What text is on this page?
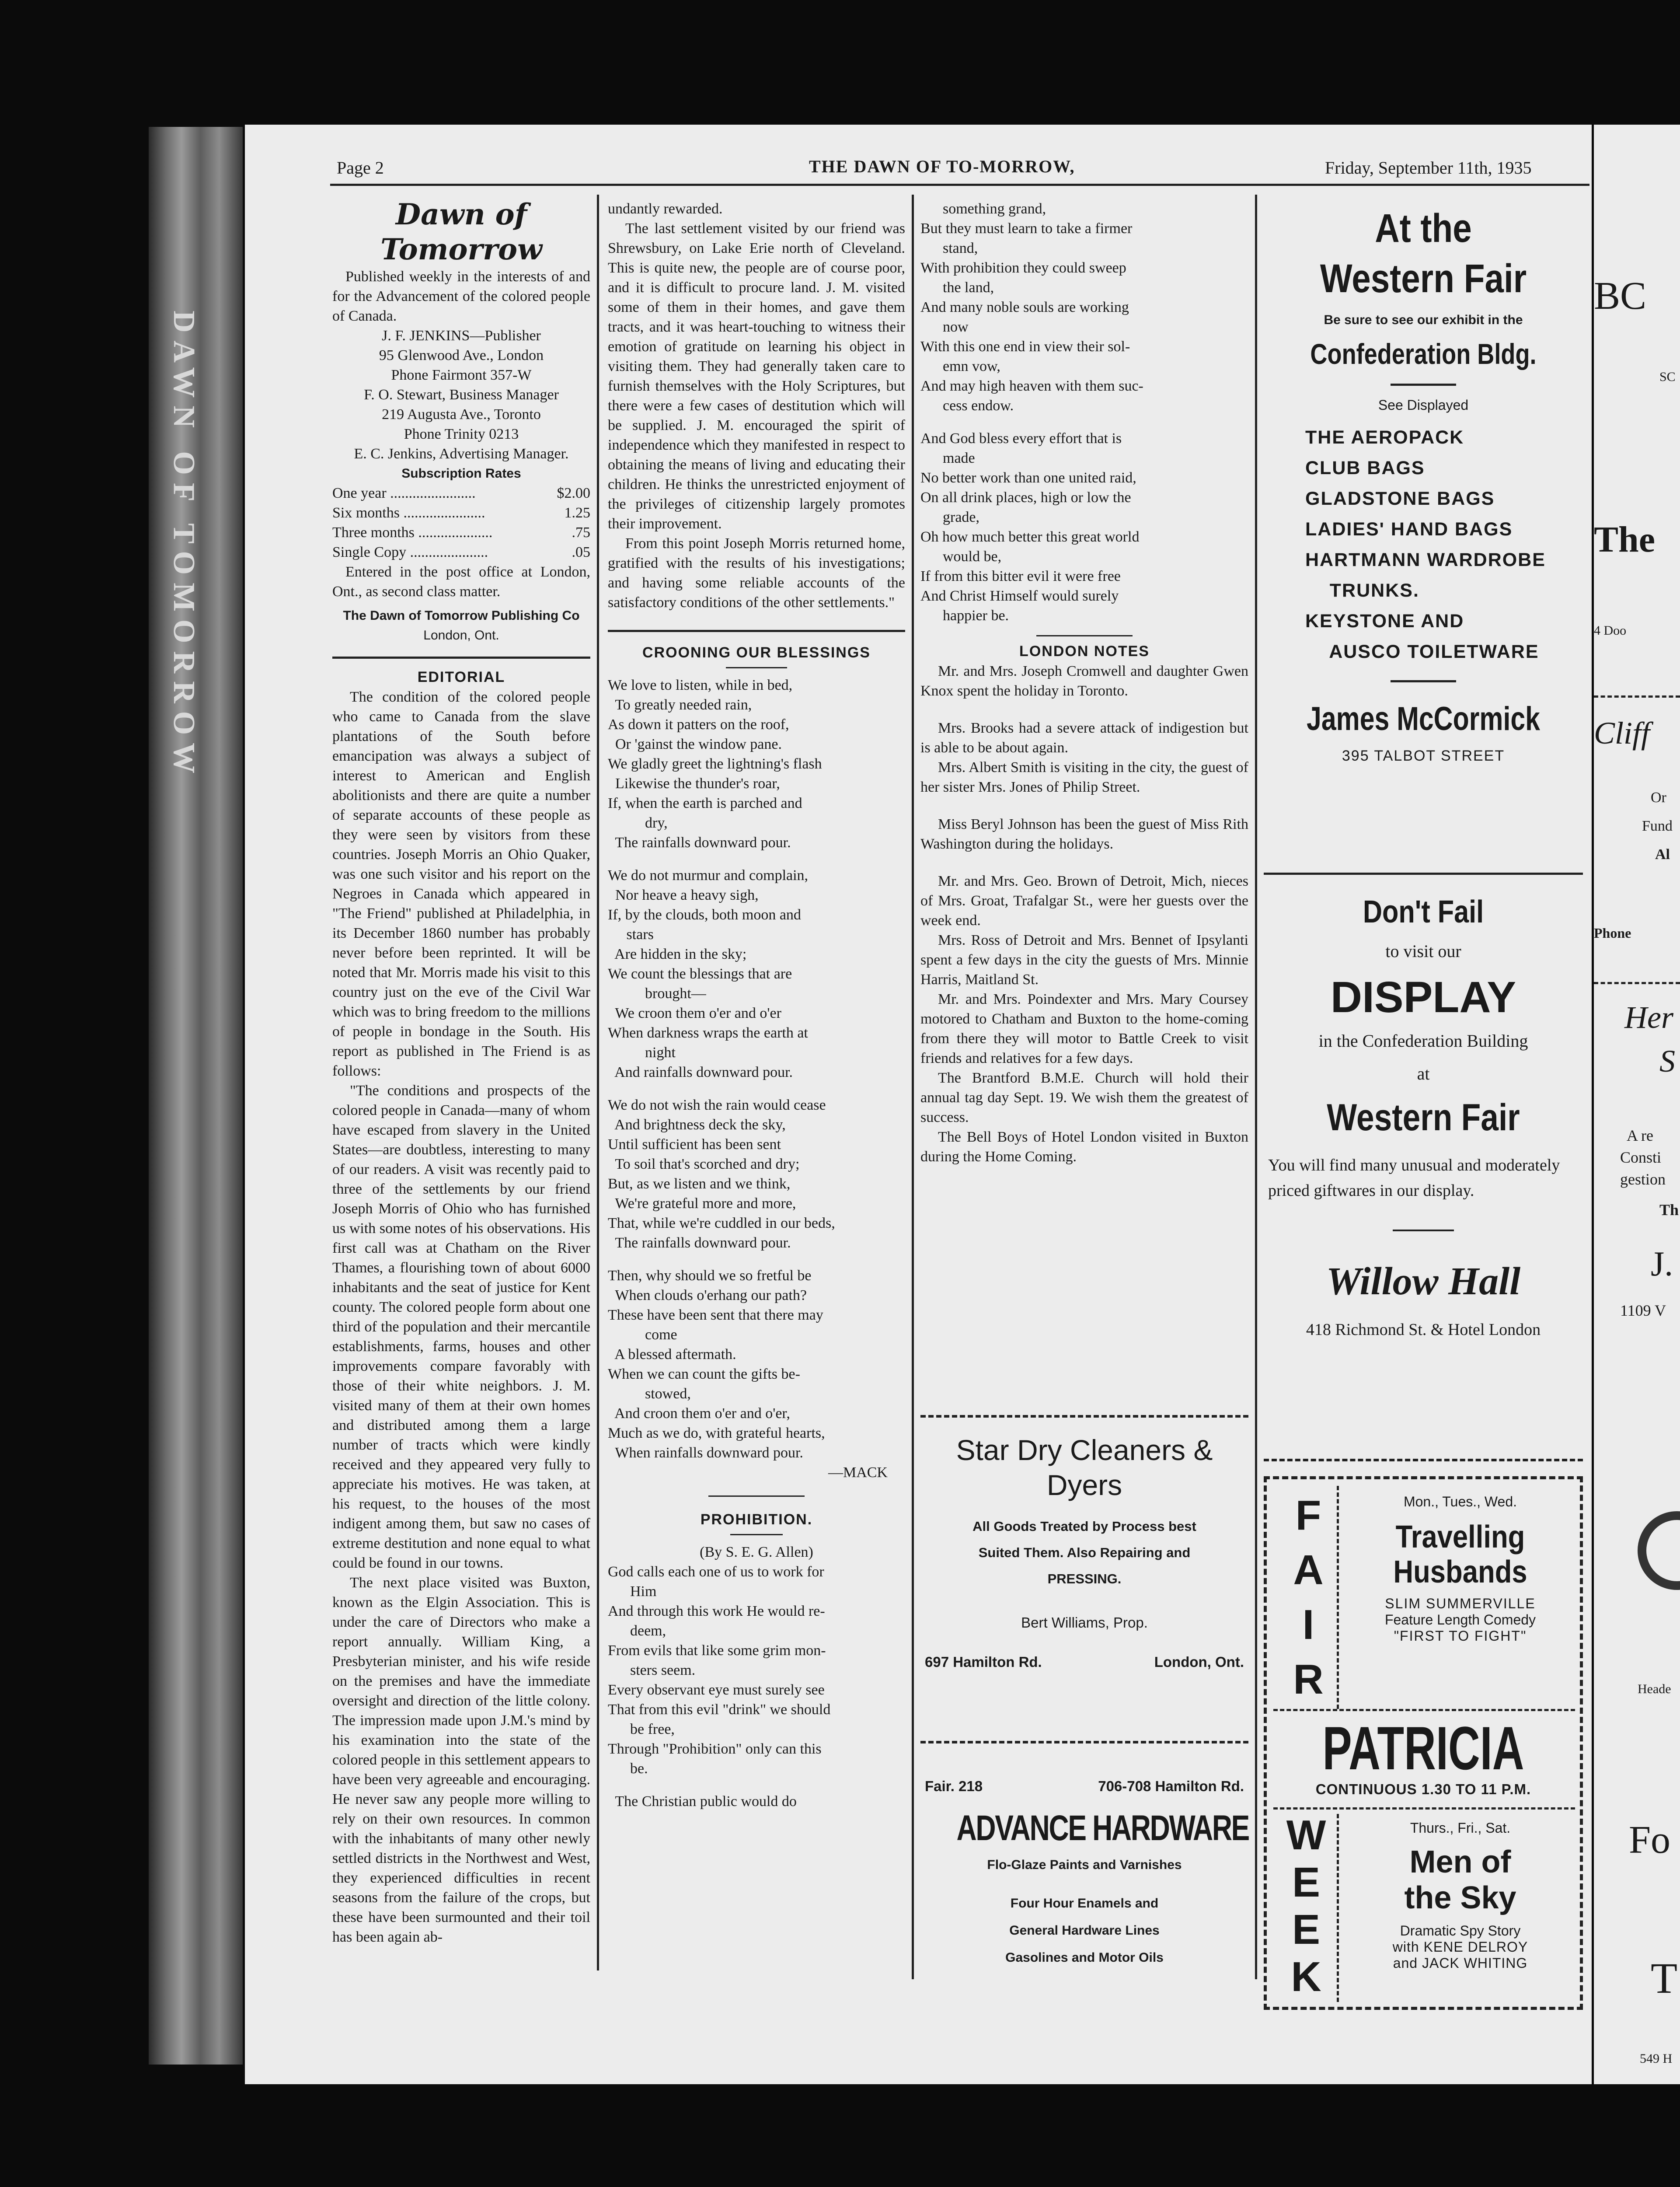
DAWN OF TOMORROW
Page 2	THE DAWN OF TO-MORROW,	Friday, September 11th, 1935
Dawn of Tomorrow

Published weekly in the interests of and for the Advancement of the colored people of Canada.

J. F. JENKINS—Publisher
95 Glenwood Ave., London
Phone Fairmont 357-W
F. O. Stewart, Business Manager
219 Augusta Ave., Toronto
Phone Trinity 0213
E. C. Jenkins, Advertising Manager.
Subscription Rates
One year .......................	$2.00
Six months ......................	1.25
Three months ....................	.75
Single Copy .....................	.05

Entered in the post office at London, Ont., as second class matter.

The Dawn of Tomorrow Publishing Co
London, Ont.
EDITORIAL

The condition of the colored people who came to Canada from the slave plantations of the South before emancipation was always a subject of interest to American and English abolitionists and there are quite a number of separate accounts of these people as they were seen by visitors from these countries. Joseph Morris an Ohio Quaker, was one such visitor and his report on the Negroes in Canada which appeared in "The Friend" published at Philadelphia, in its December 1860 number has probably never before been reprinted. It will be noted that Mr. Morris made his visit to this country just on the eve of the Civil War which was to bring freedom to the millions of people in bondage in the South. His report as published in The Friend is as follows:

"The conditions and prospects of the colored people in Canada—many of whom have escaped from slavery in the United States—are doubtless, interesting to many of our readers. A visit was recently paid to three of the settlements by our friend Joseph Morris of Ohio who has furnished us with some notes of his observations. His first call was at Chatham on the River Thames, a flourishing town of about 6000 inhabitants and the seat of justice for Kent county. The colored people form about one third of the population and their mercantile establishments, farms, houses and other improvements compare favorably with those of their white neighbors. J. M. visited many of them at their own homes and distributed among them a large number of tracts which were kindly received and they appeared very fully to appreciate his motives. He was taken, at his request, to the houses of the most indigent among them, but saw no cases of extreme destitution and none equal to what could be found in our towns.

The next place visited was Buxton, known as the Elgin Association. This is under the care of Directors who make a report annually. William King, a Presbyterian minister, and his wife reside on the premises and have the immediate oversight and direction of the little colony. The impression made upon J.M.'s mind by his examination into the state of the colored people in this settlement appears to have been very agreeable and encouraging. He never saw any people more willing to rely on their own resources. In common with the inhabitants of many other newly settled districts in the Northwest and West, they experienced difficulties in recent seasons from the failure of the crops, but these have been surmounted and their toil has been again ab-

undantly rewarded.

The last settlement visited by our friend was Shrewsbury, on Lake Erie north of Cleveland. This is quite new, the people are of course poor, and it is difficult to procure land. J. M. visited some of them in their homes, and gave them tracts, and it was heart-touching to witness their emotion of gratitude on learning his object in visiting them. They had generally taken care to furnish themselves with the Holy Scriptures, but there were a few cases of destitution which will be supplied. J. M. encouraged the spirit of independence which they manifested in respect to obtaining the means of living and educating their children. He thinks the unrestricted enjoyment of the privileges of citizenship largely promotes their improvement.

From this point Joseph Morris returned home, gratified with the results of his investigations; and having some reliable accounts of the satisfactory conditions of the other settlements."

CROONING OUR BLESSINGS
We love to listen, while in bed,
To greatly needed rain,
As down it patters on the roof,
Or 'gainst the window pane.
We gladly greet the lightning's flash
Likewise the thunder's roar,
If, when the earth is parched and
dry,
The rainfalls downward pour.
We do not murmur and complain,
Nor heave a heavy sigh,
If, by the clouds, both moon and
stars
Are hidden in the sky;
We count the blessings that are
brought—
We croon them o'er and o'er
When darkness wraps the earth at
night
And rainfalls downward pour.
We do not wish the rain would cease
And brightness deck the sky,
Until sufficient has been sent
To soil that's scorched and dry;
But, as we listen and we think,
We're grateful more and more,
That, while we're cuddled in our beds,
The rainfalls downward pour.
Then, why should we so fretful be
When clouds o'erhang our path?
These have been sent that there may
come
A blessed aftermath.
When we can count the gifts be-
stowed,
And croon them o'er and o'er,
Much as we do, with grateful hearts,
When rainfalls downward pour.
—MACK
PROHIBITION.
(By S. E. G. Allen)
God calls each one of us to work for
Him
And through this work He would re-
deem,
From evils that like some grim mon-
sters seem.
Every observant eye must surely see
That from this evil "drink" we should
be free,
Through "Prohibition" only can this
be.
The Christian public would do
something grand,
But they must learn to take a firmer
stand,
With prohibition they could sweep
the land,
And many noble souls are working
now
With this one end in view their sol-
emn vow,
And may high heaven with them suc-
cess endow.
And God bless every effort that is
made
No better work than one united raid,
On all drink places, high or low the
grade,
Oh how much better this great world
would be,
If from this bitter evil it were free
And Christ Himself would surely
happier be.
LONDON NOTES

Mr. and Mrs. Joseph Cromwell and daughter Gwen Knox spent the holiday in Toronto.

Mrs. Brooks had a severe attack of indigestion but is able to be about again.

Mrs. Albert Smith is visiting in the city, the guest of her sister Mrs. Jones of Philip Street.

Miss Beryl Johnson has been the guest of Miss Rith Washington during the holidays.

Mr. and Mrs. Geo. Brown of Detroit, Mich, nieces of Mrs. Groat, Trafalgar St., were her guests over the week end.

Mrs. Ross of Detroit and Mrs. Bennet of Ipsylanti spent a few days in the city the guests of Mrs. Minnie Harris, Maitland St.

Mr. and Mrs. Poindexter and Mrs. Mary Coursey motored to Chatham and Buxton to the home-coming from there they will motor to Battle Creek to visit friends and relatives for a few days.

The Brantford B.M.E. Church will hold their annual tag day Sept. 19. We wish them the greatest of success.

The Bell Boys of Hotel London visited in Buxton during the Home Coming.

Star Dry Cleaners & Dyers
All Goods Treated by Process best
Suited Them. Also Repairing and
PRESSING.
Bert Williams, Prop.
697 Hamilton Rd.	London, Ont.
Fair. 218	706-708 Hamilton Rd.
ADVANCE HARDWARE
Flo-Glaze Paints and Varnishes
Four Hour Enamels and
General Hardware Lines
Gasolines and Motor Oils
At the
Western Fair
Be sure to see our exhibit in the
Confederation Bldg.
See Displayed
THE AEROPACK
CLUB BAGS
GLADSTONE BAGS
LADIES' HAND BAGS
HARTMANN WARDROBE
TRUNKS.
KEYSTONE AND
AUSCO TOILETWARE
James McCormick
395 TALBOT STREET
Don't Fail
to visit our
DISPLAY
in the Confederation Building
at
Western Fair
You will find many unusual and moderately priced giftwares in our display.
Willow Hall
418 Richmond St. & Hotel London
F
A
I
R
Mon., Tues., Wed.
Travelling
Husbands
SLIM SUMMERVILLE
Feature Length Comedy
"FIRST TO FIGHT"
PATRICIA
CONTINUOUS 1.30 TO 11 P.M.
W
E
E
K
Thurs., Fri., Sat.
Men of
the Sky
Dramatic Spy Story
with KENE DELROY
and JACK WHITING
BC
SC
The
4 Doo
Cliff
Or
Fund
Al
Phone
Her
S
A re
Consti
gestion
Th
J.
1109 V
Heade
Fo
T
549 H
